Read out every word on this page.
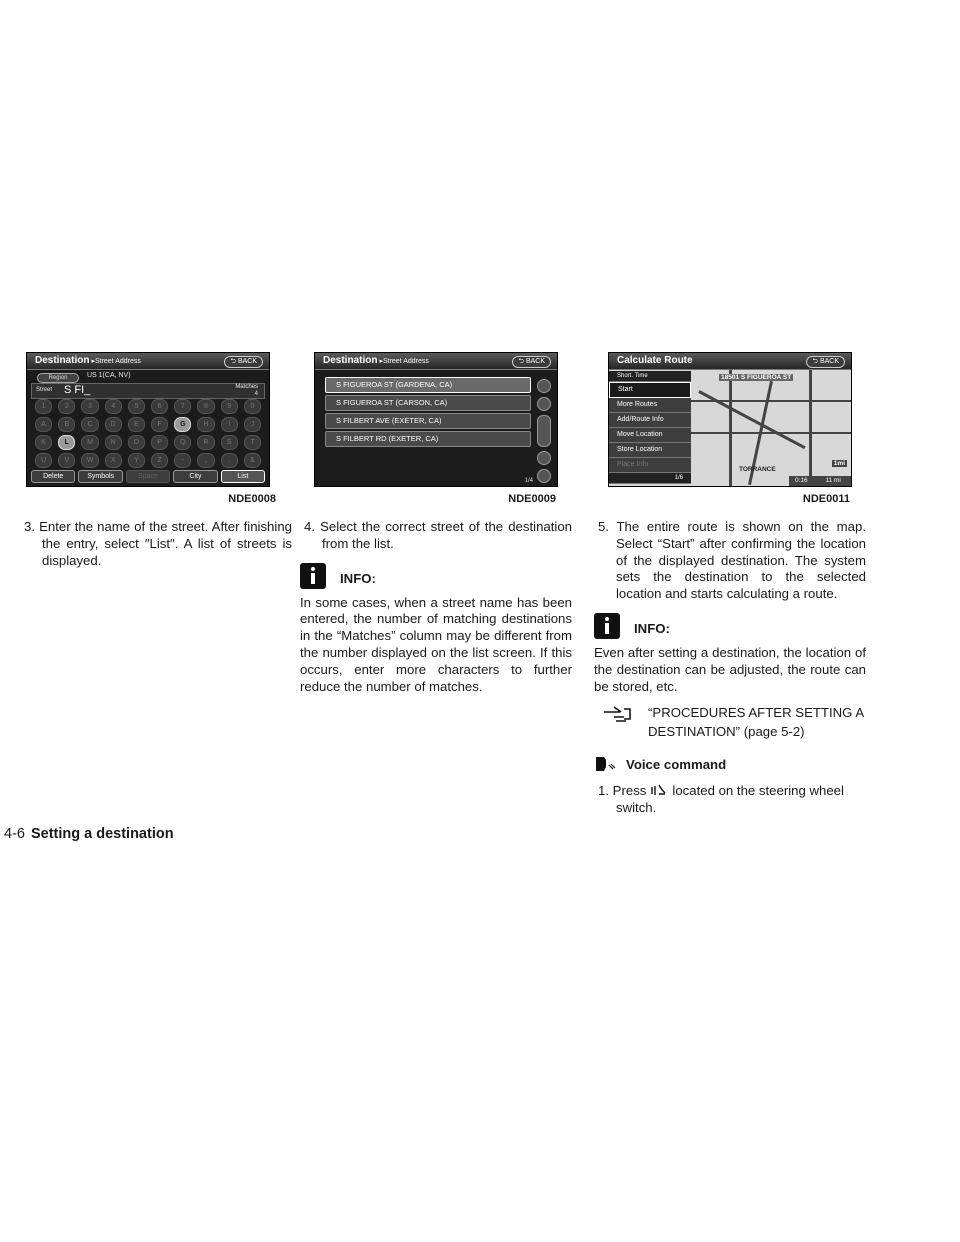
Destination ▸Street Address	⮌ BACK
Region	US 1(CA, NV)
Street S FI_	Matches
4
1	2	3	4	5	6	7	8	9	0
A	B	C	D	E	F	G	H	I	J
K	L	M	N	O	P	Q	R	S	T
U	V	W	X	Y	Z	-	,	.	&
Delete	Symbols	Space	City	List
NDE0008

3. Enter the name of the street. After finishing the entry, select ″List″. A list of streets is displayed.

Destination ▸Street Address	⮌ BACK
S FIGUEROA ST (GARDENA, CA)
S FIGUEROA ST (CARSON, CA)
S FILBERT AVE (EXETER, CA)
S FILBERT RD (EXETER, CA)
1/4
NDE0009

4. Select the correct street of the destination from the list.

INFO:

In some cases, when a street name has been entered, the number of matching destinations in the “Matches” column may be different from the number displayed on the list screen. If this occurs, enter more characters to further reduce the number of matches.

Calculate Route	⮌ BACK
18501 S FIGUEROA ST
TORRANCE
1mi
0:16	11 mi
Short. Time
Start
More Routes
Add/Route Info
Move Location
Store Location
Place Info
1/6
NDE0011

5. The entire route is shown on the map. Select “Start” after confirming the location of the displayed destination. The system sets the destination to the selected location and starts calculating a route.

INFO:

Even after setting a destination, the location of the destination can be adjusted, the route can be stored, etc.

“PROCEDURES AFTER SETTING A DESTINATION” (page 5-2)
Voice command

1. Press located on the steering wheel switch.

4-6 Setting a destination
